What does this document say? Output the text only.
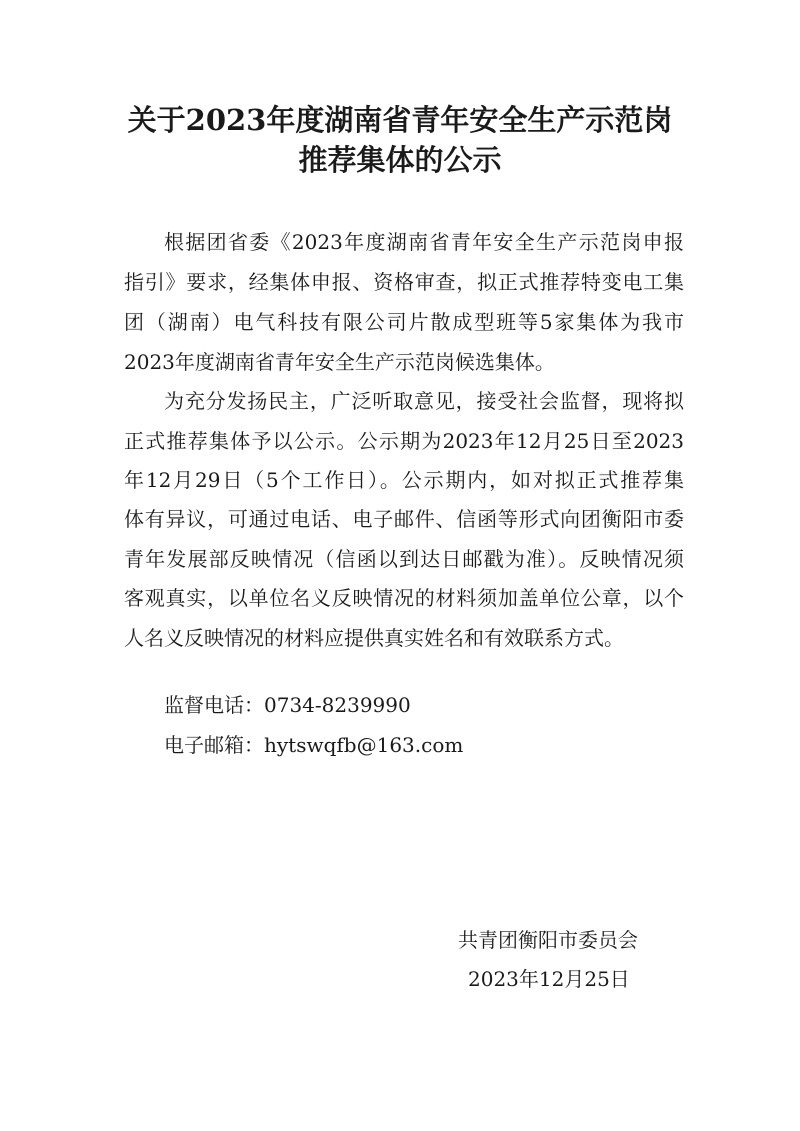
关于2023年度湖南省青年安全生产示范岗
推荐集体的公示
根据团省委《2023年度湖南省青年安全生产示范岗申报
指引》要求，经集体申报、资格审查，拟正式推荐特变电工集
团（湖南）电气科技有限公司片散成型班等5家集体为我市
2023年度湖南省青年安全生产示范岗候选集体。
为充分发扬民主，广泛听取意见，接受社会监督，现将拟
正式推荐集体予以公示。公示期为2023年12月25日至2023
年12月29日（5个工作日）。公示期内，如对拟正式推荐集
体有异议，可通过电话、电子邮件、信函等形式向团衡阳市委
青年发展部反映情况（信函以到达日邮戳为准）。反映情况须
客观真实，以单位名义反映情况的材料须加盖单位公章，以个
人名义反映情况的材料应提供真实姓名和有效联系方式。
监督电话：0734-8239990
电子邮箱：hytswqfb@163.com
共青团衡阳市委员会
2023年12月25日
